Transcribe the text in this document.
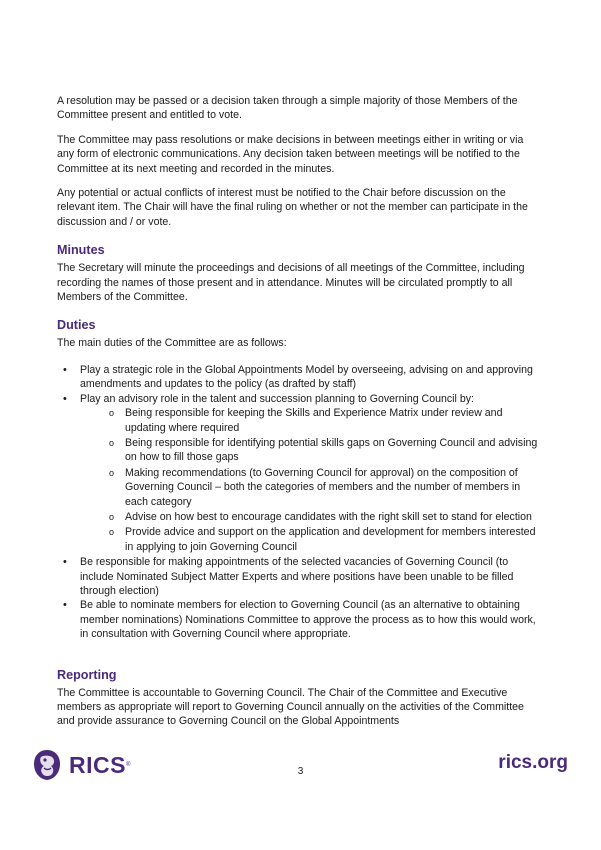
A resolution may be passed or a decision taken through a simple majority of those Members of the Committee present and entitled to vote.

The Committee may pass resolutions or make decisions in between meetings either in writing or via any form of electronic communications. Any decision taken between meetings will be notified to the Committee at its next meeting and recorded in the minutes.

Any potential or actual conflicts of interest must be notified to the Chair before discussion on the relevant item. The Chair will have the final ruling on whether or not the member can participate in the discussion and / or vote.

Minutes

The Secretary will minute the proceedings and decisions of all meetings of the Committee, including recording the names of those present and in attendance. Minutes will be circulated promptly to all Members of the Committee.

Duties

The main duties of the Committee are as follows:

• Play a strategic role in the Global Appointments Model by overseeing, advising on and approving amendments and updates to the policy (as drafted by staff)
• Play an advisory role in the talent and succession planning to Governing Council by:
o Being responsible for keeping the Skills and Experience Matrix under review and updating where required
o Being responsible for identifying potential skills gaps on Governing Council and advising on how to fill those gaps
o Making recommendations (to Governing Council for approval) on the composition of Governing Council – both the categories of members and the number of members in each category
o Advise on how best to encourage candidates with the right skill set to stand for election
o Provide advice and support on the application and development for members interested in applying to join Governing Council
• Be responsible for making appointments of the selected vacancies of Governing Council (to include Nominated Subject Matter Experts and where positions have been unable to be filled through election)
• Be able to nominate members for election to Governing Council (as an alternative to obtaining member nominations) Nominations Committee to approve the process as to how this would work, in consultation with Governing Council where appropriate.
Reporting

The Committee is accountable to Governing Council. The Chair of the Committee and Executive members as appropriate will report to Governing Council annually on the activities of the Committee and provide assurance to Governing Council on the Global Appointments

RICS ®
3	rics.org
